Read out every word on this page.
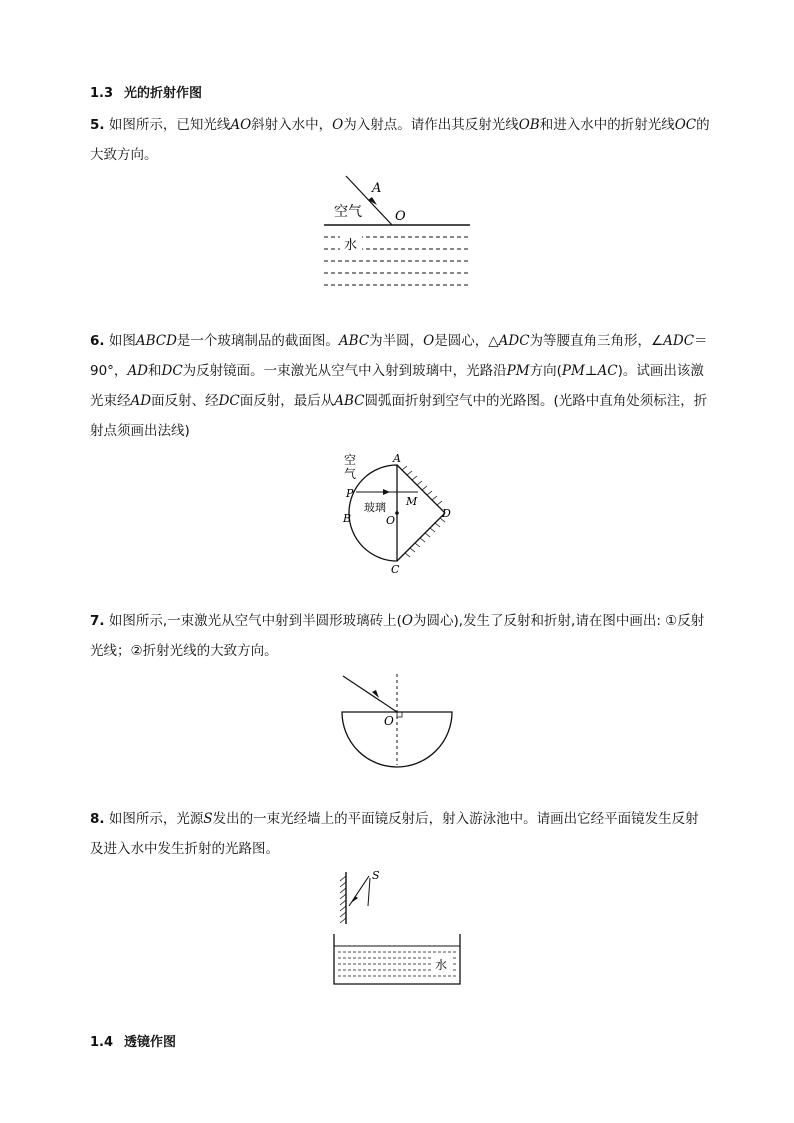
1.3 光的折射作图
5. 如图所示，已知光线AO斜射入水中，O为入射点。请作出其反射光线OB和进入水中的折射光线OC的大致方向。
A
O
空气
水
6. 如图ABCD是一个玻璃制品的截面图。ABC为半圆，O是圆心，△ADC为等腰直角三角形，∠ADC＝90°，AD和DC为反射镜面。一束激光从空气中入射到玻璃中，光路沿PM方向(PM⊥AC)。试画出该激光束经AD面反射、经DC面反射，最后从ABC圆弧面折射到空气中的光路图。(光路中直角处须标注，折射点须画出法线)
空
气
A
P
M
B	O
D
C
玻璃
7. 如图所示,一束激光从空气中射到半圆形玻璃砖上(O为圆心),发生了反射和折射,请在图中画出: ①反射光线；②折射光线的大致方向。
O
8. 如图所示，光源S发出的一束光经墙上的平面镜反射后，射入游泳池中。请画出它经平面镜发生反射及进入水中发生折射的光路图。
S
水
1.4 透镜作图
